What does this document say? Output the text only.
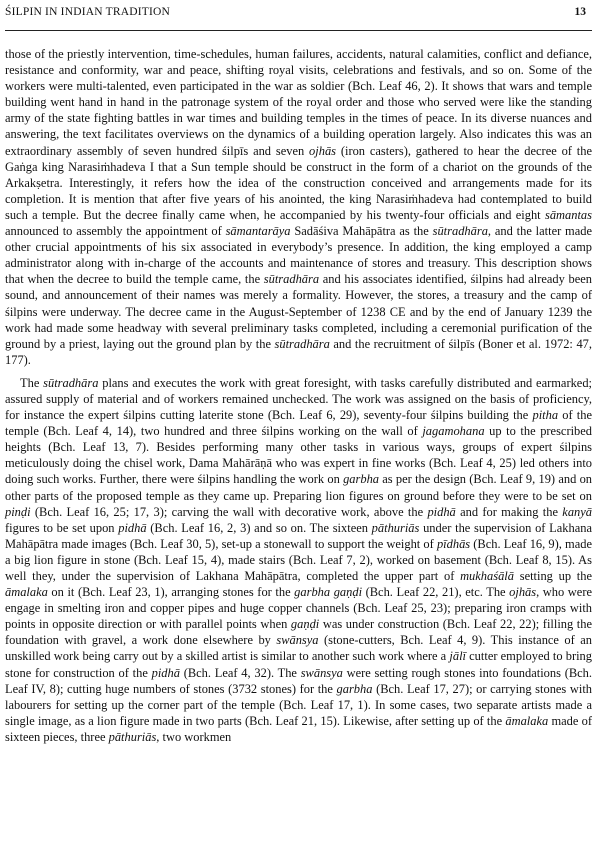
ŚILPIN IN INDIAN TRADITION	13

those of the priestly intervention, time-schedules, human failures, accidents, natural calamities, conflict and defiance, resistance and conformity, war and peace, shifting royal visits, celebrations and festivals, and so on. Some of the workers were multi-talented, even participated in the war as soldier (Bch. Leaf 46, 2). It shows that wars and temple building went hand in hand in the patronage system of the royal order and those who served were like the standing army of the state fighting battles in war times and building temples in the times of peace. In its diverse nuances and answering, the text facilitates overviews on the dynamics of a building operation largely. Also indicates this was an extraordinary assembly of seven hundred śilpīs and seven ojhās (iron casters), gathered to hear the decree of the Gaṅga king Narasiṁhadeva I that a Sun temple should be construct in the form of a chariot on the grounds of the Arkakṣetra. Interestingly, it refers how the idea of the construction conceived and arrangements made for its completion. It is mention that after five years of his anointed, the king Narasiṁhadeva had contemplated to build such a temple. But the decree finally came when, he accompanied by his twenty-four officials and eight sāmantas announced to assembly the appointment of sāmantarāya Sadāśiva Mahāpātra as the sūtradhāra, and the latter made other crucial appointments of his six associated in everybody’s presence. In addition, the king employed a camp administrator along with in-charge of the accounts and maintenance of stores and treasury. This description shows that when the decree to build the temple came, the sūtradhāra and his associates identified, śilpins had already been sound, and announcement of their names was merely a formality. However, the stores, a treasury and the camp of śilpins were underway. The decree came in the August-September of 1238 CE and by the end of January 1239 the work had made some headway with several preliminary tasks completed, including a ceremonial purification of the ground by a priest, laying out the ground plan by the sūtradhāra and the recruitment of śilpīs (Boner et al. 1972: 47, 177).

The sūtradhāra plans and executes the work with great foresight, with tasks carefully distributed and earmarked; assured supply of material and of workers remained unchecked. The work was assigned on the basis of proficiency, for instance the expert śilpins cutting laterite stone (Bch. Leaf 6, 29), seventy-four śilpins building the pitha of the temple (Bch. Leaf 4, 14), two hundred and three śilpins working on the wall of jagamohana up to the prescribed heights (Bch. Leaf 13, 7). Besides performing many other tasks in various ways, groups of expert śilpins meticulously doing the chisel work, Dama Mahārāṇā who was expert in fine works (Bch. Leaf 4, 25) led others into doing such works. Further, there were śilpins handling the work on garbha as per the design (Bch. Leaf 9, 19) and on other parts of the proposed temple as they came up. Preparing lion figures on ground before they were to be set on pinḍi (Bch. Leaf 16, 25; 17, 3); carving the wall with decorative work, above the pidhā and for making the kanyā figures to be set upon pidhā (Bch. Leaf 16, 2, 3) and so on. The sixteen pāthuriās under the supervision of Lakhana Mahāpātra made images (Bch. Leaf 30, 5), set-up a stonewall to support the weight of pīdhās (Bch. Leaf 16, 9), made a big lion figure in stone (Bch. Leaf 15, 4), made stairs (Bch. Leaf 7, 2), worked on basement (Bch. Leaf 8, 15). As well they, under the supervision of Lakhana Mahāpātra, completed the upper part of mukhaśālā setting up the āmalaka on it (Bch. Leaf 23, 1), arranging stones for the garbha gaṇḍi (Bch. Leaf 22, 21), etc. The ojhās, who were engage in smelting iron and copper pipes and huge copper channels (Bch. Leaf 25, 23); preparing iron cramps with points in opposite direction or with parallel points when gaṇḍi was under construction (Bch. Leaf 22, 22); filling the foundation with gravel, a work done elsewhere by swānsya (stone-cutters, Bch. Leaf 4, 9). This instance of an unskilled work being carry out by a skilled artist is similar to another such work where a jālī cutter employed to bring stone for construction of the pidhā (Bch. Leaf 4, 32). The swānsya were setting rough stones into foundations (Bch. Leaf IV, 8); cutting huge numbers of stones (3732 stones) for the garbha (Bch. Leaf 17, 27); or carrying stones with labourers for setting up the corner part of the temple (Bch. Leaf 17, 1). In some cases, two separate artists made a single image, as a lion figure made in two parts (Bch. Leaf 21, 15). Likewise, after setting up of the āmalaka made of sixteen pieces, three pāthuriās, two workmen
